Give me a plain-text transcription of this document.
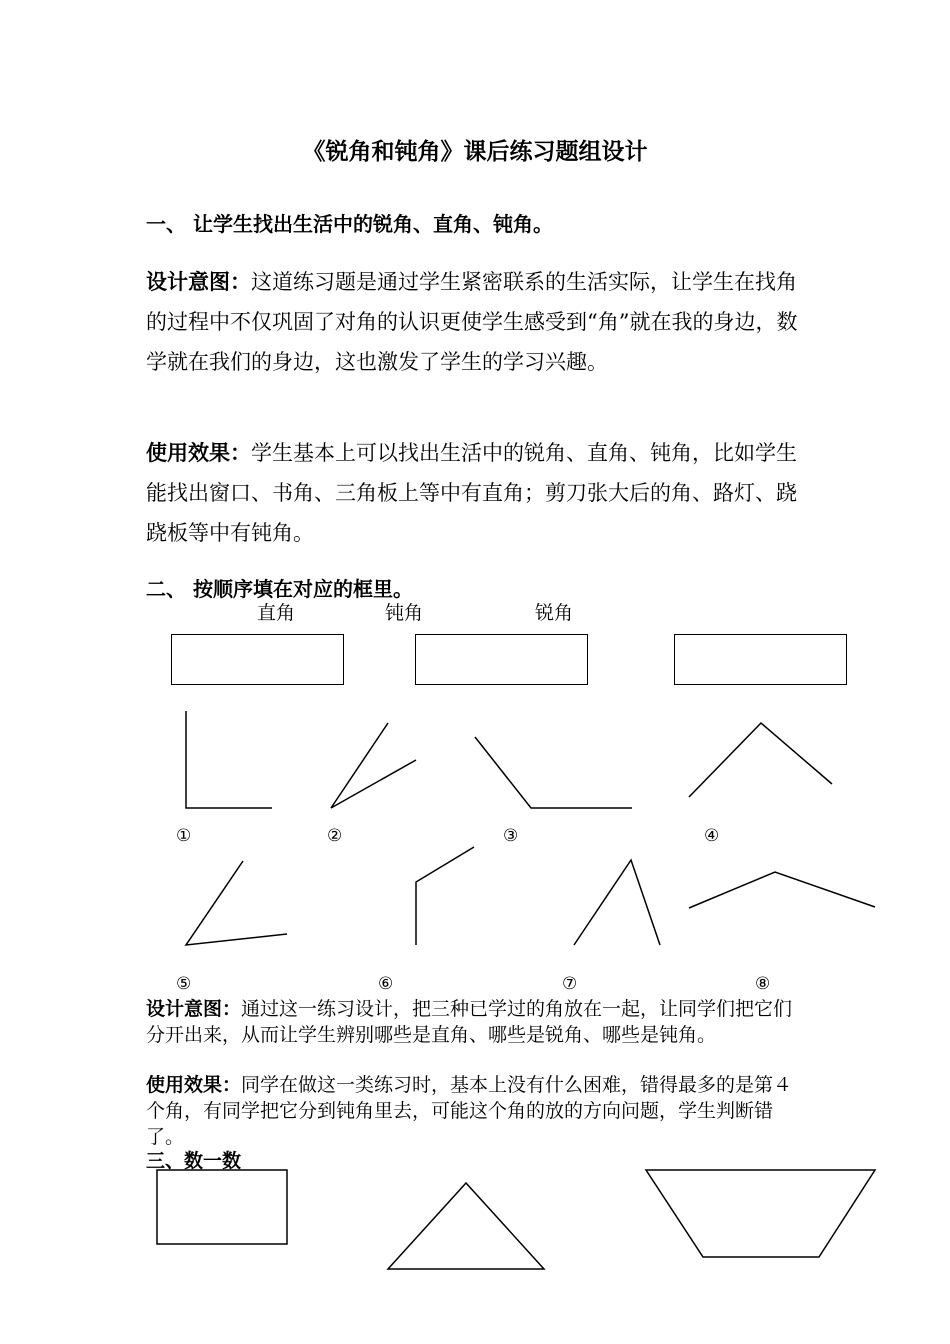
《锐角和钝角》课后练习题组设计
一、 让学生找出生活中的锐角、直角、钝角。
设计意图：这道练习题是通过学生紧密联系的生活实际，让学生在找角的过程中不仅巩固了对角的认识更使学生感受到“角”就在我的身边，数学就在我们的身边，这也激发了学生的学习兴趣。
使用效果：学生基本上可以找出生活中的锐角、直角、钝角，比如学生能找出窗口、书角、三角板上等中有直角；剪刀张大后的角、路灯、跷跷板等中有钝角。
二、 按顺序填在对应的框里。
直角	钝角	锐角
①	②	③	④
⑤	⑥	⑦	⑧
设计意图：通过这一练习设计，把三种已学过的角放在一起，让同学们把它们分开出来，从而让学生辨别哪些是直角、哪些是锐角、哪些是钝角。
使用效果：同学在做这一类练习时，基本上没有什么困难，错得最多的是第４个角，有同学把它分到钝角里去，可能这个角的放的方向问题，学生判断错了。
三、数一数
